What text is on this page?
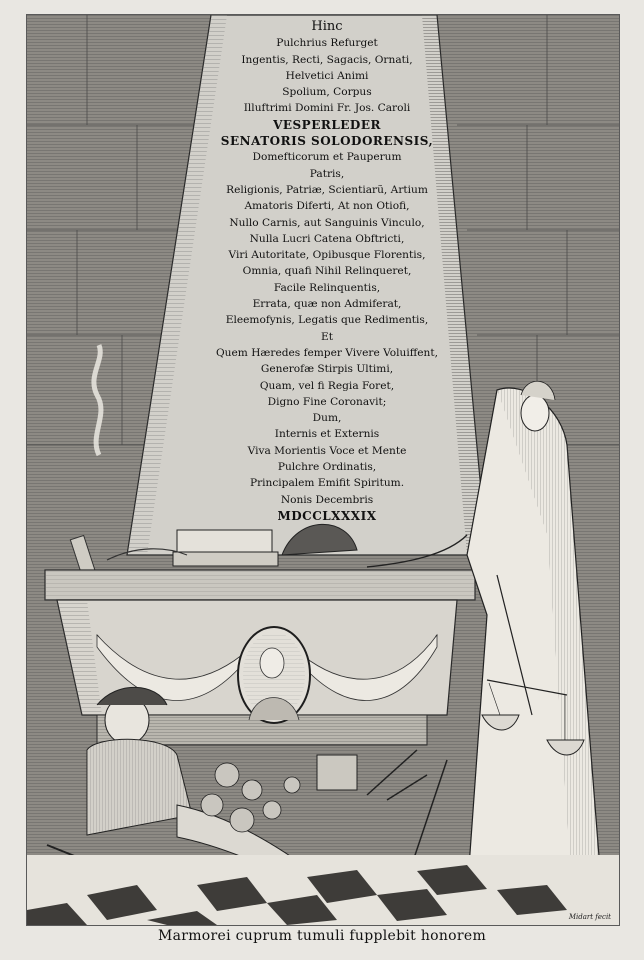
Hinc
Pulchrius Refurget
Ingentis, Recti, Sagacis, Ornati,
Helvetici Animi
Spolium, Corpus
Illuftrimi Domini Fr. Jos. Caroli
VESPERLEDER
SENATORIS SOLODORENSIS,
Domefticorum et Pauperum
Patris,
Religionis, Patriæ, Scientiarũ, Artium
Amatoris Diferti, At non Otiofi,
Nullo Carnis, aut Sanguinis Vinculo,
Nulla Lucri Catena Obftricti,
Viri Autoritate, Opibusque Florentis,
Omnia, quafi Nihil Relinqueret,
Facile Relinquentis,
Errata, quæ non Admiferat,
Eleemofynis, Legatis que Redimentis,
Et
Quem Hæredes femper Vivere Voluiffent,
Generofæ Stirpis Ultimi,
Quam, vel fi Regia Foret,
Digno Fine Coronavit;
Dum,
Internis et Externis
Viva Morientis Voce et Mente
Pulchre Ordinatis,
Principalem Emifit Spiritum.
Nonis Decembris
MDCCLXXXIX
Midart fecit
Marmorei cuprum tumuli fupplebit honorem
